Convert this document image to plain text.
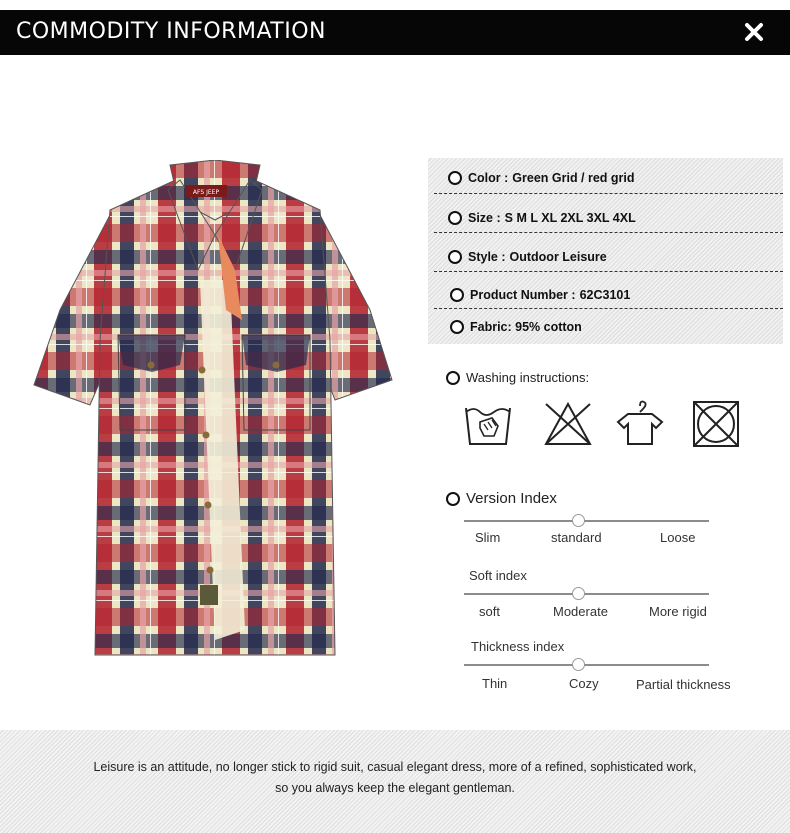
COMMODITY INFORMATION
AFS JEEP
Color : Green Grid / red grid
Size : S M L XL 2XL 3XL 4XL
Style : Outdoor Leisure
Product Number : 62C3101
Fabric: 95% cotton
Washing instructions:
Version Index
Slim	standard	Loose
Soft index
soft	Moderate	More rigid
Thickness index
Thin	Cozy	Partial thickness
Leisure is an attitude, no longer stick to rigid suit, casual elegant dress, more of a refined, sophisticated work,
so you always keep the elegant gentleman.
